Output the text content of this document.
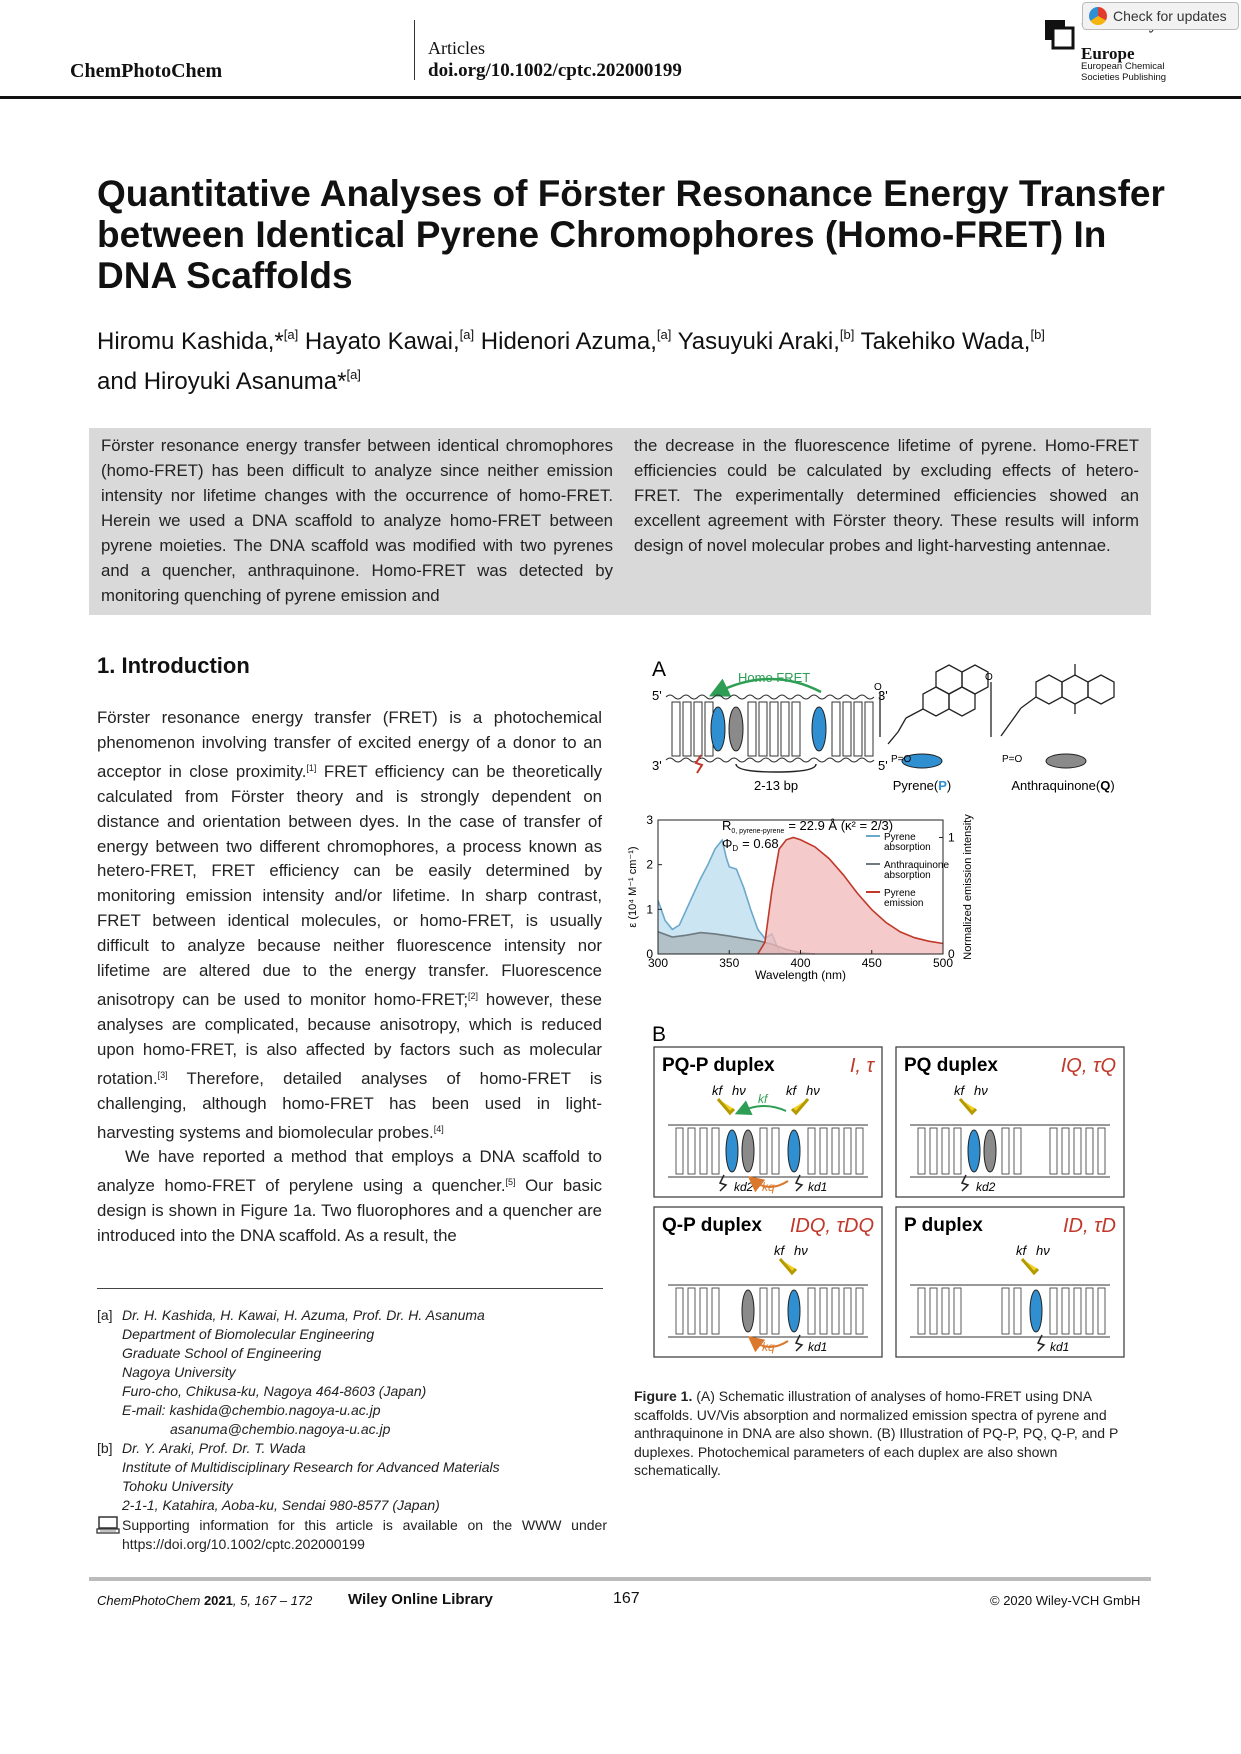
ChemPhotoChem
Articles
doi.org/10.1002/cptc.202000199
Europe
European Chemical
Societies Publishing
Check for updates
Quantitative Analyses of Förster Resonance Energy Transfer between Identical Pyrene Chromophores (Homo-FRET) In DNA Scaffolds
Hiromu Kashida,*[a] Hayato Kawai,[a] Hidenori Azuma,[a] Yasuyuki Araki,[b] Takehiko Wada,[b]
and Hiroyuki Asanuma*[a]
Förster resonance energy transfer between identical chromophores (homo-FRET) has been difficult to analyze since neither emission intensity nor lifetime changes with the occurrence of homo-FRET. Herein we used a DNA scaffold to analyze homo-FRET between pyrene moieties. The DNA scaffold was modified with two pyrenes and a quencher, anthraquinone. Homo-FRET was detected by monitoring quenching of pyrene emission and
the decrease in the fluorescence lifetime of pyrene. Homo-FRET efficiencies could be calculated by excluding effects of hetero-FRET. The experimentally determined efficiencies showed an excellent agreement with Förster theory. These results will inform design of novel molecular probes and light-harvesting antennae.
1. Introduction

Förster resonance energy transfer (FRET) is a photochemical phenomenon involving transfer of excited energy of a donor to an acceptor in close proximity.[1] FRET efficiency can be theoretically calculated from Förster theory and is strongly dependent on distance and orientation between dyes. In the case of transfer of energy between two different chromophores, a process known as hetero-FRET, FRET efficiency can be easily determined by monitoring emission intensity and/or lifetime. In sharp contrast, FRET between identical molecules, or homo-FRET, is usually difficult to analyze because neither fluorescence intensity nor lifetime are altered due to the energy transfer. Fluorescence anisotropy can be used to monitor homo-FRET;[2] however, these analyses are complicated, because anisotropy, which is reduced upon homo-FRET, is also affected by factors such as molecular rotation.[3] Therefore, detailed analyses of homo-FRET is challenging, although homo-FRET has been used in light-harvesting systems and biomolecular probes.[4]

We have reported a method that employs a DNA scaffold to analyze homo-FRET of perylene using a quencher.[5] Our basic design is shown in Figure 1a. Two fluorophores and a quencher are introduced into the DNA scaffold. As a result, the

[a] Dr. H. Kashida, H. Kawai, H. Azuma, Prof. Dr. H. Asanuma
Department of Biomolecular Engineering
Graduate School of Engineering
Nagoya University
Furo-cho, Chikusa-ku, Nagoya 464-8603 (Japan)
E-mail: kashida@chembio.nagoya-u.ac.jp
asanuma@chembio.nagoya-u.ac.jp
[b] Dr. Y. Araki, Prof. Dr. T. Wada
Institute of Multidisciplinary Research for Advanced Materials
Tohoku University
2-1-1, Katahira, Aoba-ku, Sendai 980-8577 (Japan)
Supporting information for this article is available on the WWW under https://doi.org/10.1002/cptc.202000199
A	Homo FRET
5'	3'
3'	5'
2-13 bp
O
P=O
O
P=O
Pyrene(P)	Anthraquinone(Q)
300	350	400	450	500
0
1
2
3
0
1
Wavelength (nm)
ε (10⁴ M⁻¹ cm⁻¹)	Normalized emission intensity
Pyrene
absorption
Anthraquinone
absorption
Pyrene
emission
$R_{0, pyrene-pyrene} = 22.9$ Å (κ² = 2/3)
$\Phi_D = 0.68$
B
PQ-P duplex	I, τ
kf hν	kf hν
kf
kd2 kq	kd1
PQ duplex	IQ, τQ
kf hν
kd2
Q-P duplex IDQ, τDQ
kf hν
kq	kd1
P duplex	ID, τD
kf hν
kd1
Figure 1. (A) Schematic illustration of analyses of homo-FRET using DNA scaffolds. UV/Vis absorption and normalized emission spectra of pyrene and anthraquinone in DNA are also shown. (B) Illustration of PQ-P, PQ, Q-P, and P duplexes. Photochemical parameters of each duplex are also shown schematically.
ChemPhotoChem 2021, 5, 167 – 172 Wiley Online Library	167	© 2020 Wiley-VCH GmbH
